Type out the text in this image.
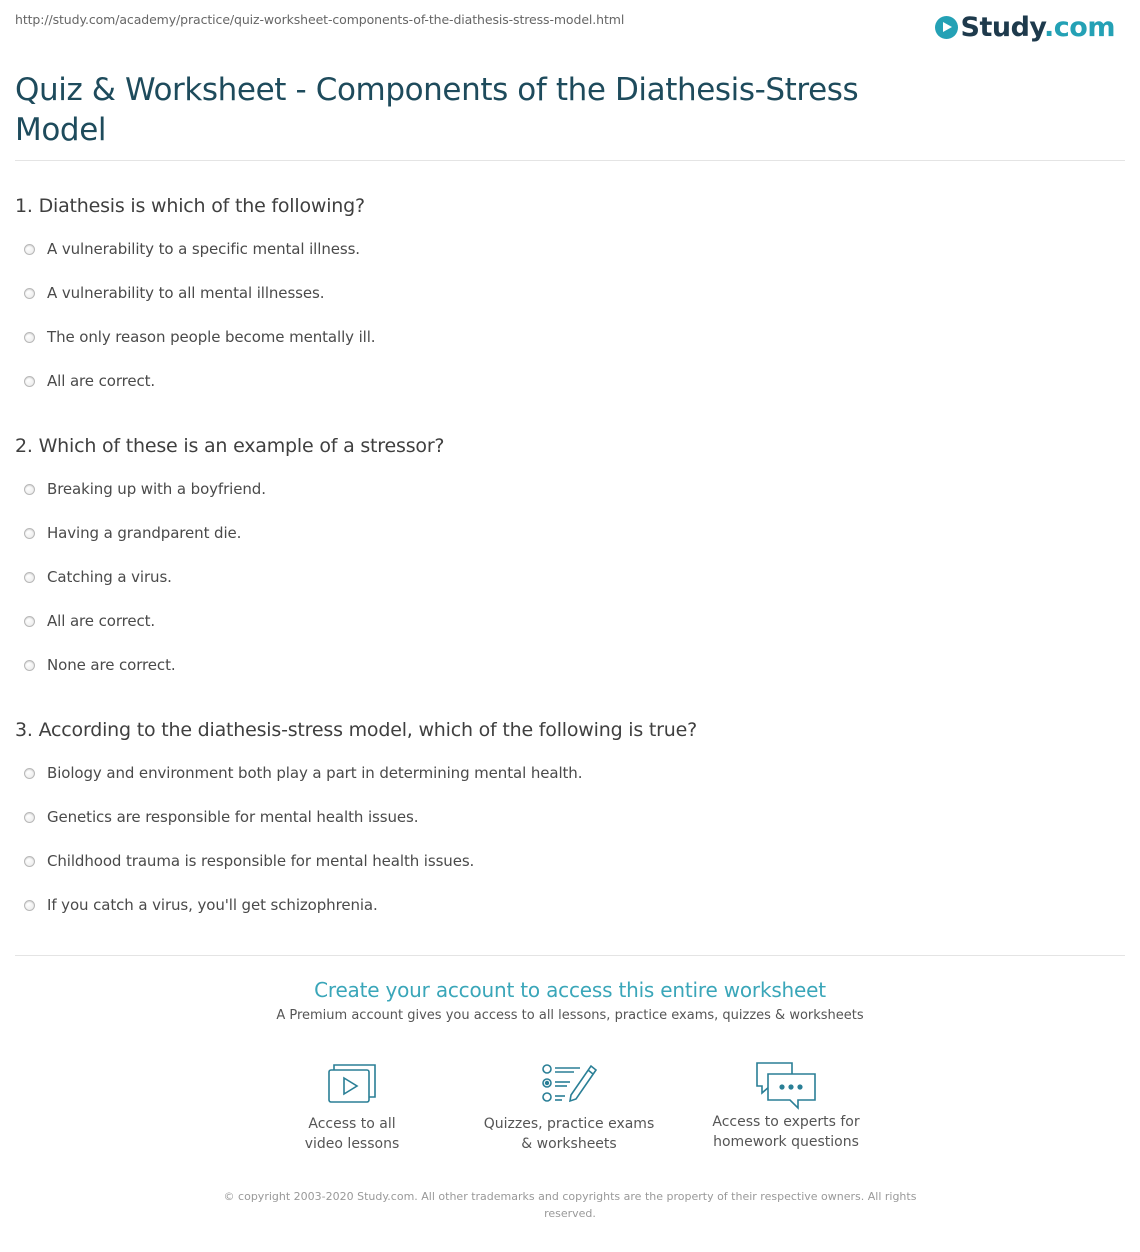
http://study.com/academy/practice/quiz-worksheet-components-of-the-diathesis-stress-model.html	Study.com
Quiz & Worksheet - Components of the Diathesis-Stress Model
1. Diathesis is which of the following?
A vulnerability to a specific mental illness.
A vulnerability to all mental illnesses.
The only reason people become mentally ill.
All are correct.
2. Which of these is an example of a stressor?
Breaking up with a boyfriend.
Having a grandparent die.
Catching a virus.
All are correct.
None are correct.
3. According to the diathesis-stress model, which of the following is true?
Biology and environment both play a part in determining mental health.
Genetics are responsible for mental health issues.
Childhood trauma is responsible for mental health issues.
If you catch a virus, you'll get schizophrenia.
Create your account to access this entire worksheet
A Premium account gives you access to all lessons, practice exams, quizzes & worksheets
Access to all
video lessons
Quizzes, practice exams
& worksheets
Access to experts for
homework questions
© copyright 2003-2020 Study.com. All other trademarks and copyrights are the property of their respective owners. All rights reserved.
